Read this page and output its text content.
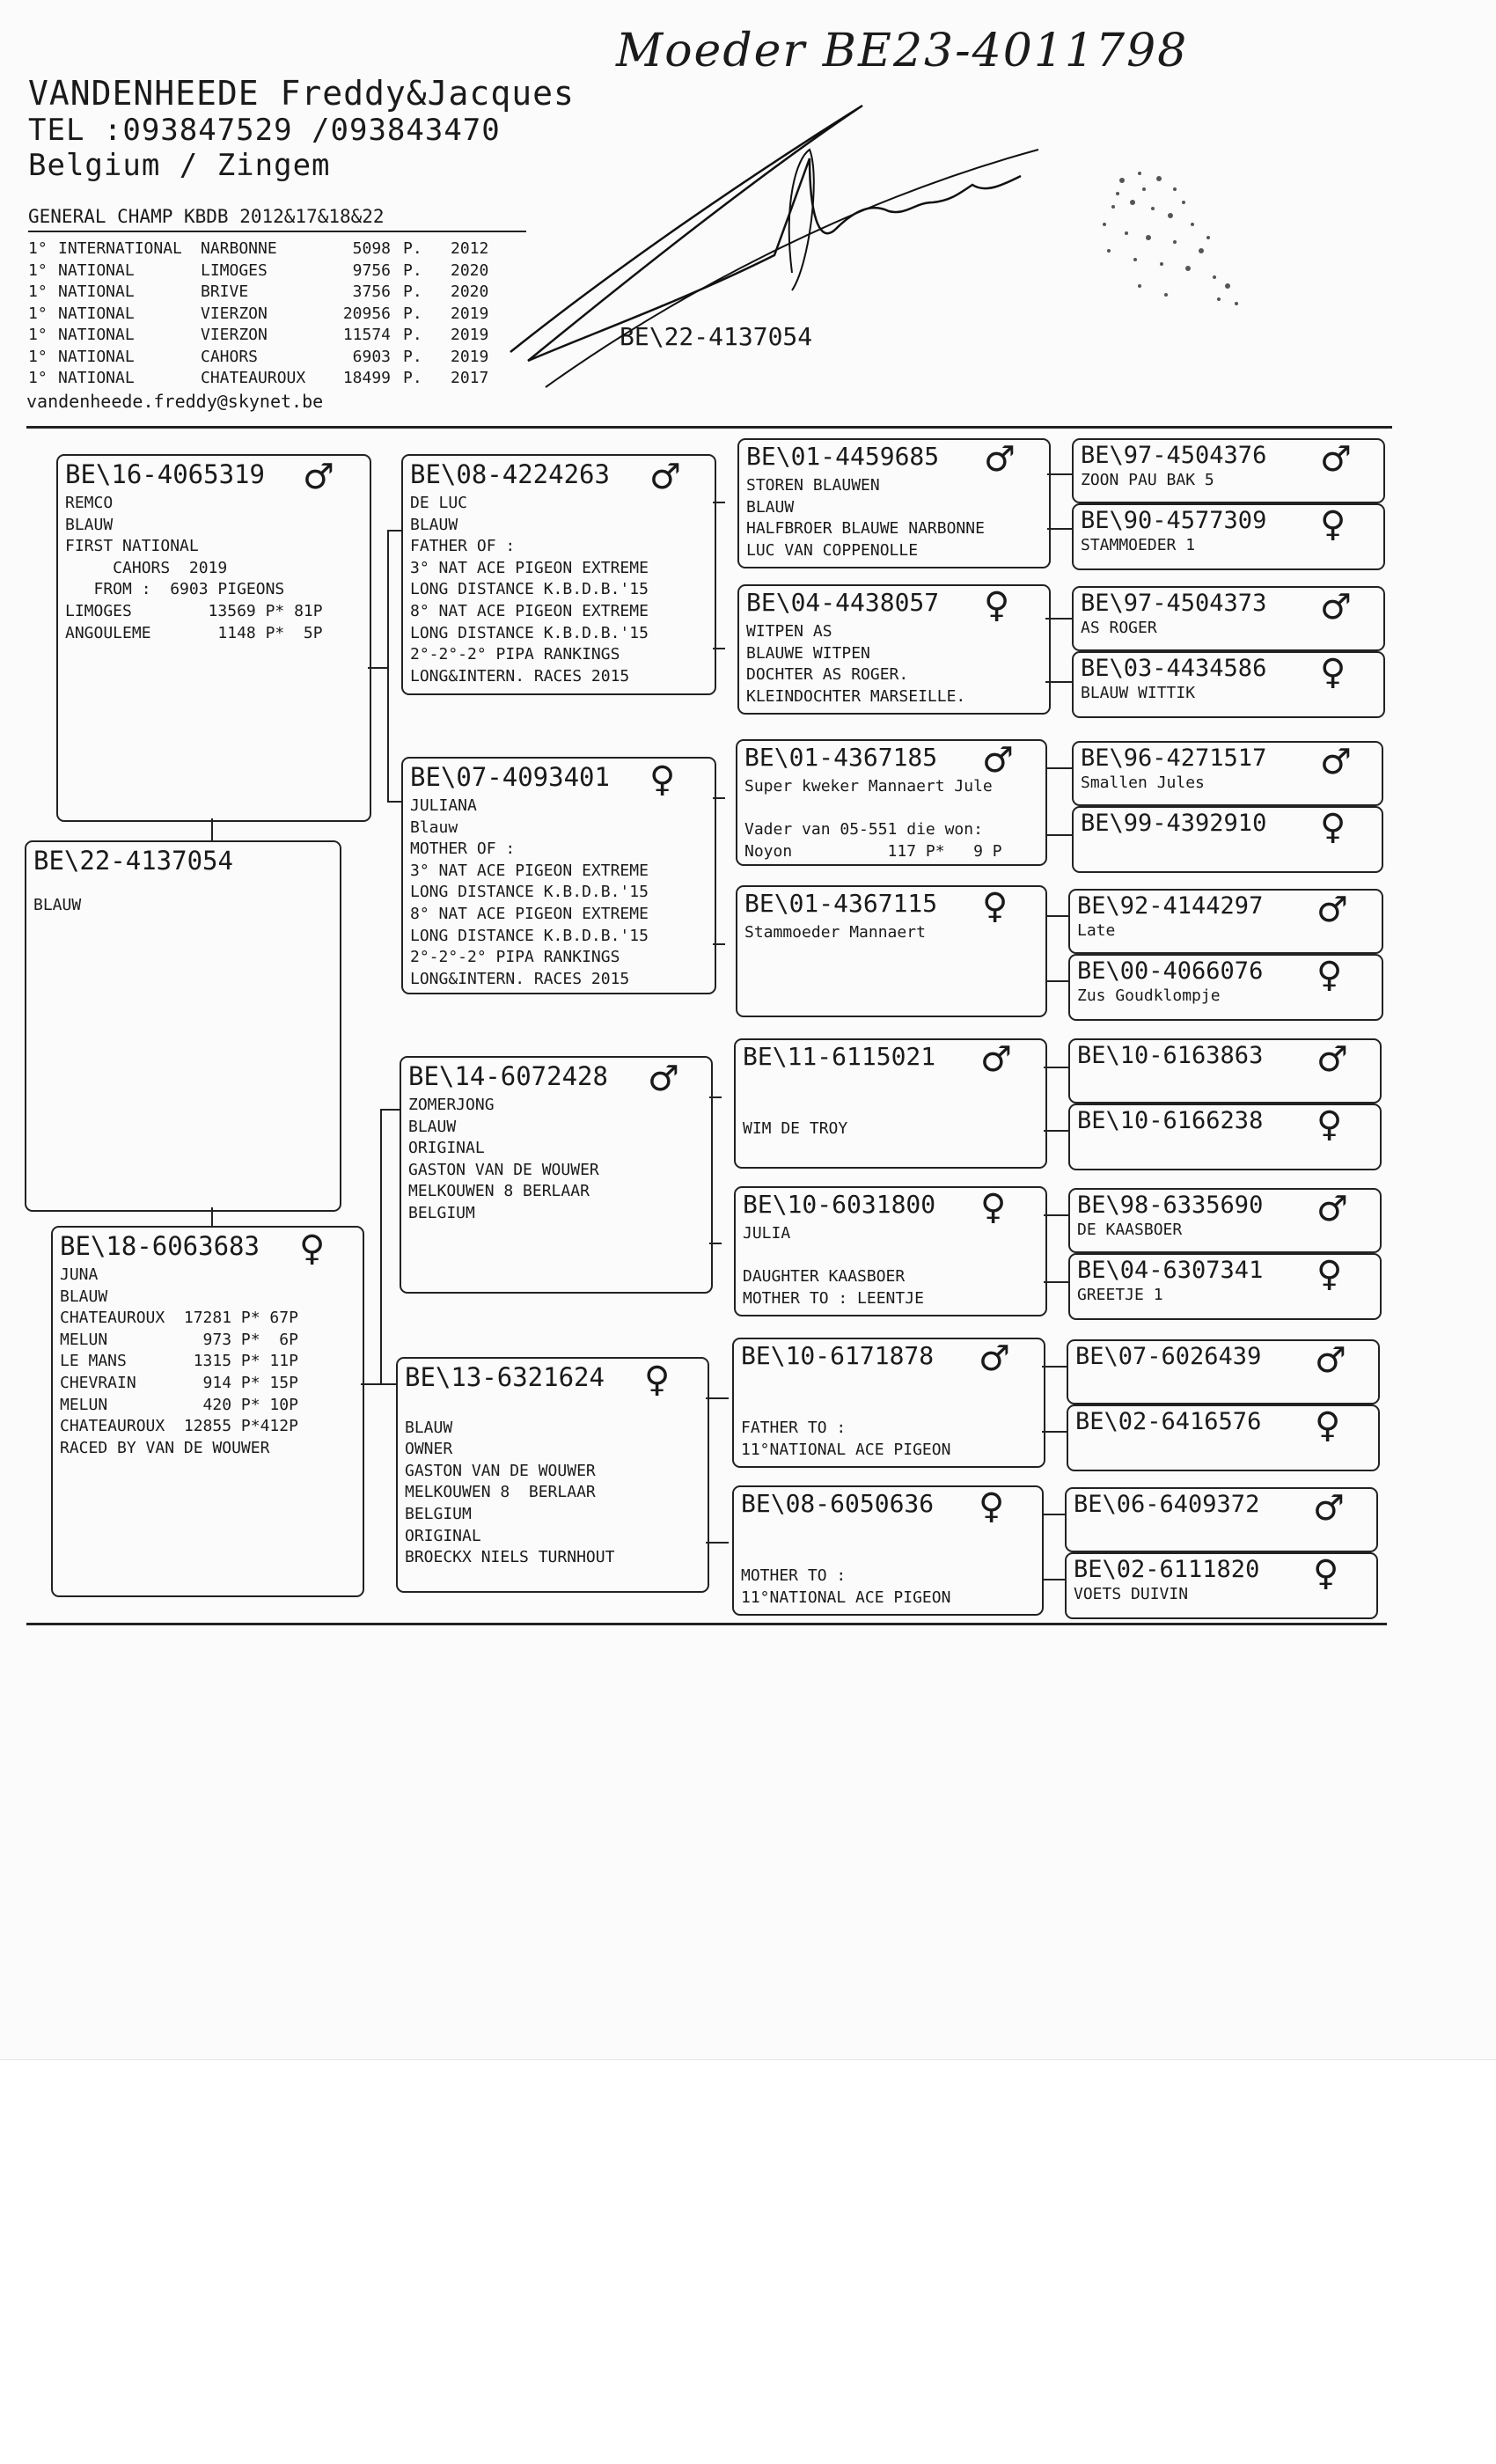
Moeder BE23-4011798
VANDENHEEDE Freddy&Jacques
TEL :093847529 /093843470
Belgium / Zingem
GENERAL CHAMP KBDB 2012&17&18&22
1° INTERNATIONAL NARBONNE	5098 P. 2012
1° NATIONAL	LIMOGES	9756 P. 2020
1° NATIONAL	BRIVE	3756 P. 2020
1° NATIONAL	VIERZON	20956 P. 2019
1° NATIONAL	VIERZON	11574 P. 2019
1° NATIONAL	CAHORS	6903 P. 2019
1° NATIONAL	CHATEAUROUX	18499 P. 2017
vandenheede.freddy@skynet.be
BE\22-4137054
BE\22-4137054
BLAUW
BE\16-4065319 ♂
REMCO
BLAUW
FIRST NATIONAL
CAHORS  2019
FROM :  6903 PIGEONS
LIMOGES        13569 P* 81P
ANGOULEME       1148 P*  5P
BE\18-6063683 ♀
JUNA
BLAUW
CHATEAUROUX  17281 P* 67P
MELUN          973 P*  6P
LE MANS       1315 P* 11P
CHEVRAIN       914 P* 15P
MELUN          420 P* 10P
CHATEAUROUX  12855 P*412P
RACED BY VAN DE WOUWER
BE\08-4224263 ♂
DE LUC
BLAUW
FATHER OF :
3° NAT ACE PIGEON EXTREME
LONG DISTANCE K.B.D.B.'15
8° NAT ACE PIGEON EXTREME
LONG DISTANCE K.B.D.B.'15
2°-2°-2° PIPA RANKINGS
LONG&INTERN. RACES 2015
BE\07-4093401 ♀
JULIANA
Blauw
MOTHER OF :
3° NAT ACE PIGEON EXTREME
LONG DISTANCE K.B.D.B.'15
8° NAT ACE PIGEON EXTREME
LONG DISTANCE K.B.D.B.'15
2°-2°-2° PIPA RANKINGS
LONG&INTERN. RACES 2015
BE\14-6072428 ♂
ZOMERJONG
BLAUW
ORIGINAL
GASTON VAN DE WOUWER
MELKOUWEN 8 BERLAAR
BELGIUM
BE\13-6321624 ♀

BLAUW
OWNER
GASTON VAN DE WOUWER
MELKOUWEN 8  BERLAAR
BELGIUM
ORIGINAL
BROECKX NIELS TURNHOUT
BE\01-4459685 ♂
STOREN BLAUWEN
BLAUW
HALFBROER BLAUWE NARBONNE
LUC VAN COPPENOLLE
BE\04-4438057 ♀
WITPEN AS
BLAUWE WITPEN
DOCHTER AS ROGER.
KLEINDOCHTER MARSEILLE.
BE\01-4367185 ♂
Super kweker Mannaert Jule

Vader van 05-551 die won:
Noyon          117 P*   9 P
BE\01-4367115 ♀
Stammoeder Mannaert
BE\11-6115021 ♂

WIM DE TROY
BE\10-6031800 ♀
JULIA

DAUGHTER KAASBOER
MOTHER TO : LEENTJE
BE\10-6171878 ♂

FATHER TO :
11°NATIONAL ACE PIGEON
BE\08-6050636 ♀

MOTHER TO :
11°NATIONAL ACE PIGEON
BE\97-4504376 ♂
ZOON PAU BAK 5
BE\90-4577309 ♀
STAMMOEDER 1
BE\97-4504373 ♂
AS ROGER
BE\03-4434586 ♀
BLAUW WITTIK
BE\96-4271517 ♂
Smallen Jules
BE\99-4392910 ♀
BE\92-4144297 ♂
Late
BE\00-4066076 ♀
Zus Goudklompje
BE\10-6163863 ♂
BE\10-6166238 ♀
BE\98-6335690 ♂
DE KAASBOER
BE\04-6307341 ♀
GREETJE 1
BE\07-6026439 ♂
BE\02-6416576 ♀
BE\06-6409372 ♂
BE\02-6111820 ♀
VOETS DUIVIN
